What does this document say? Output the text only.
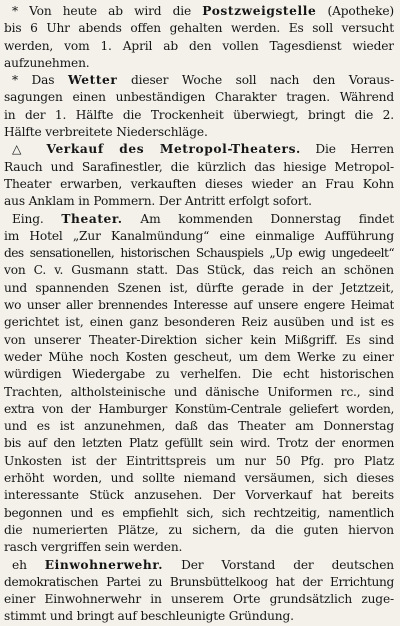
* Von heute ab wird die Postzweigstelle (Apotheke)
bis 6 Uhr abends offen gehalten werden. Es soll versucht
werden, vom 1. April ab den vollen Tagesdienst wieder
aufzunehmen.
* Das Wetter dieser Woche soll nach den Voraus-
sagungen einen unbeständigen Charakter tragen. Während
in der 1. Hälfte die Trockenheit überwiegt, bringt die 2.
Hälfte verbreitete Niederschläge.
△ Verkauf des Metropol-Theaters. Die Herren
Rauch und Sarafinestler, die kürzlich das hiesige Metropol-
Theater erwarben, verkauften dieses wieder an Frau Kohn
aus Anklam in Pommern. Der Antritt erfolgt sofort.
Eing. Theater. Am kommenden Donnerstag findet
im Hotel „Zur Kanalmündung“ eine einmalige Aufführung
des sensationellen, historischen Schauspiels „Up ewig ungedeelt“
von C. v. Gusmann statt. Das Stück, das reich an schönen
und spannenden Szenen ist, dürfte gerade in der Jetztzeit,
wo unser aller brennendes Interesse auf unsere engere Heimat
gerichtet ist, einen ganz besonderen Reiz ausüben und ist es
von unserer Theater-Direktion sicher kein Mißgriff. Es sind
weder Mühe noch Kosten gescheut, um dem Werke zu einer
würdigen Wiedergabe zu verhelfen. Die echt historischen
Trachten, altholsteinische und dänische Uniformen rc., sind
extra von der Hamburger Konstüm-Centrale geliefert worden,
und es ist anzunehmen, daß das Theater am Donnerstag
bis auf den letzten Platz gefüllt sein wird. Trotz der enormen
Unkosten ist der Eintrittspreis um nur 50 Pfg. pro Platz
erhöht worden, und sollte niemand versäumen, sich dieses
interessante Stück anzusehen. Der Vorverkauf hat bereits
begonnen und es empfiehlt sich, sich rechtzeitig, namentlich
die numerierten Plätze, zu sichern, da die guten hiervon
rasch vergriffen sein werden.
eh Einwohnerwehr. Der Vorstand der deutschen
demokratischen Partei zu Brunsbüttelkoog hat der Errichtung
einer Einwohnerwehr in unserem Orte grundsätzlich zuge-
stimmt und bringt auf beschleunigte Gründung.
